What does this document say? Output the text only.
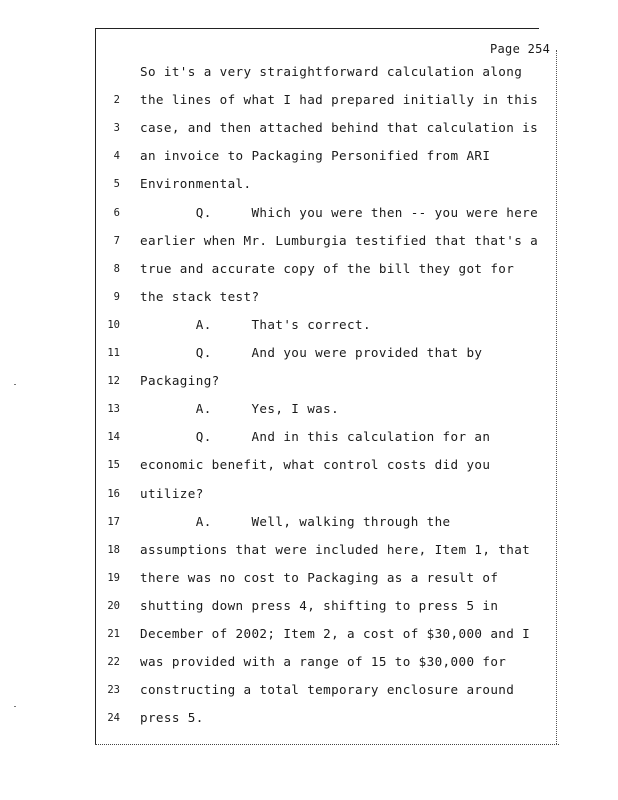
Page 254
So it's a very straightforward calculation along
2 the lines of what I had prepared initially in this
3 case, and then attached behind that calculation is
4 an invoice to Packaging Personified from ARI
5 Environmental.
6 Q.     Which you were then -- you were here
7 earlier when Mr. Lumburgia testified that that's a
8 true and accurate copy of the bill they got for
9 the stack test?
10 A.     That's correct.
11 Q.     And you were provided that by
12 Packaging?
13 A.     Yes, I was.
14 Q.     And in this calculation for an
15 economic benefit, what control costs did you
16 utilize?
17 A.     Well, walking through the
18 assumptions that were included here, Item 1, that
19 there was no cost to Packaging as a result of
20 shutting down press 4, shifting to press 5 in
21 December of 2002; Item 2, a cost of $30,000 and I
22 was provided with a range of 15 to $30,000 for
23 constructing a total temporary enclosure around
24 press 5.
